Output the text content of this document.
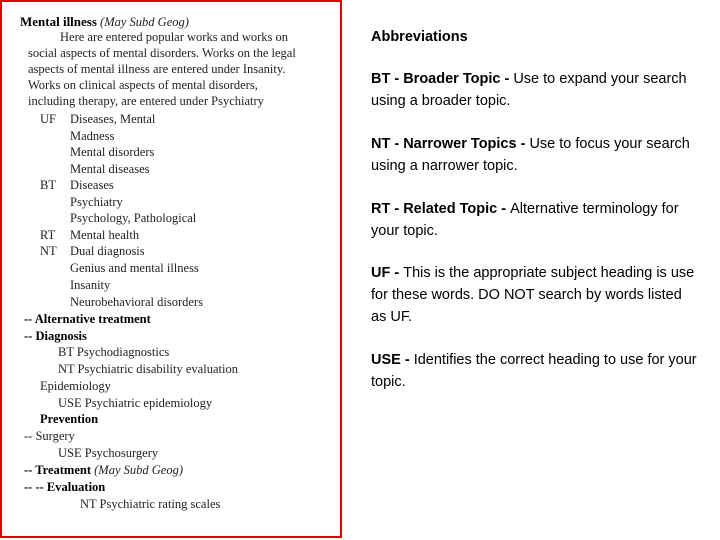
Mental illness (May Subd Geog)
Here are entered popular works and works on
social aspects of mental disorders. Works on the legal
aspects of mental illness are entered under Insanity.
Works on clinical aspects of mental disorders,
including therapy, are entered under Psychiatry
UF Diseases, Mental
Madness
Mental disorders
Mental diseases
BT Diseases
Psychiatry
Psychology, Pathological
RT Mental health
NT Dual diagnosis
Genius and mental illness
Insanity
Neurobehavioral disorders
-- Alternative treatment
-- Diagnosis
BT Psychodiagnostics
NT Psychiatric disability evaluation
Epidemiology
USE Psychiatric epidemiology
Prevention
-- Surgery
USE Psychosurgery
-- Treatment (May Subd Geog)
-- -- Evaluation
NT Psychiatric rating scales
Abbreviations
BT - Broader Topic - Use to expand your search using a broader topic.
NT - Narrower Topics - Use to focus your search using a narrower topic.
RT - Related Topic - Alternative terminology for your topic.
UF - This is the appropriate subject heading is use for these words. DO NOT search by words listed as UF.
USE - Identifies the correct heading to use for your topic.
